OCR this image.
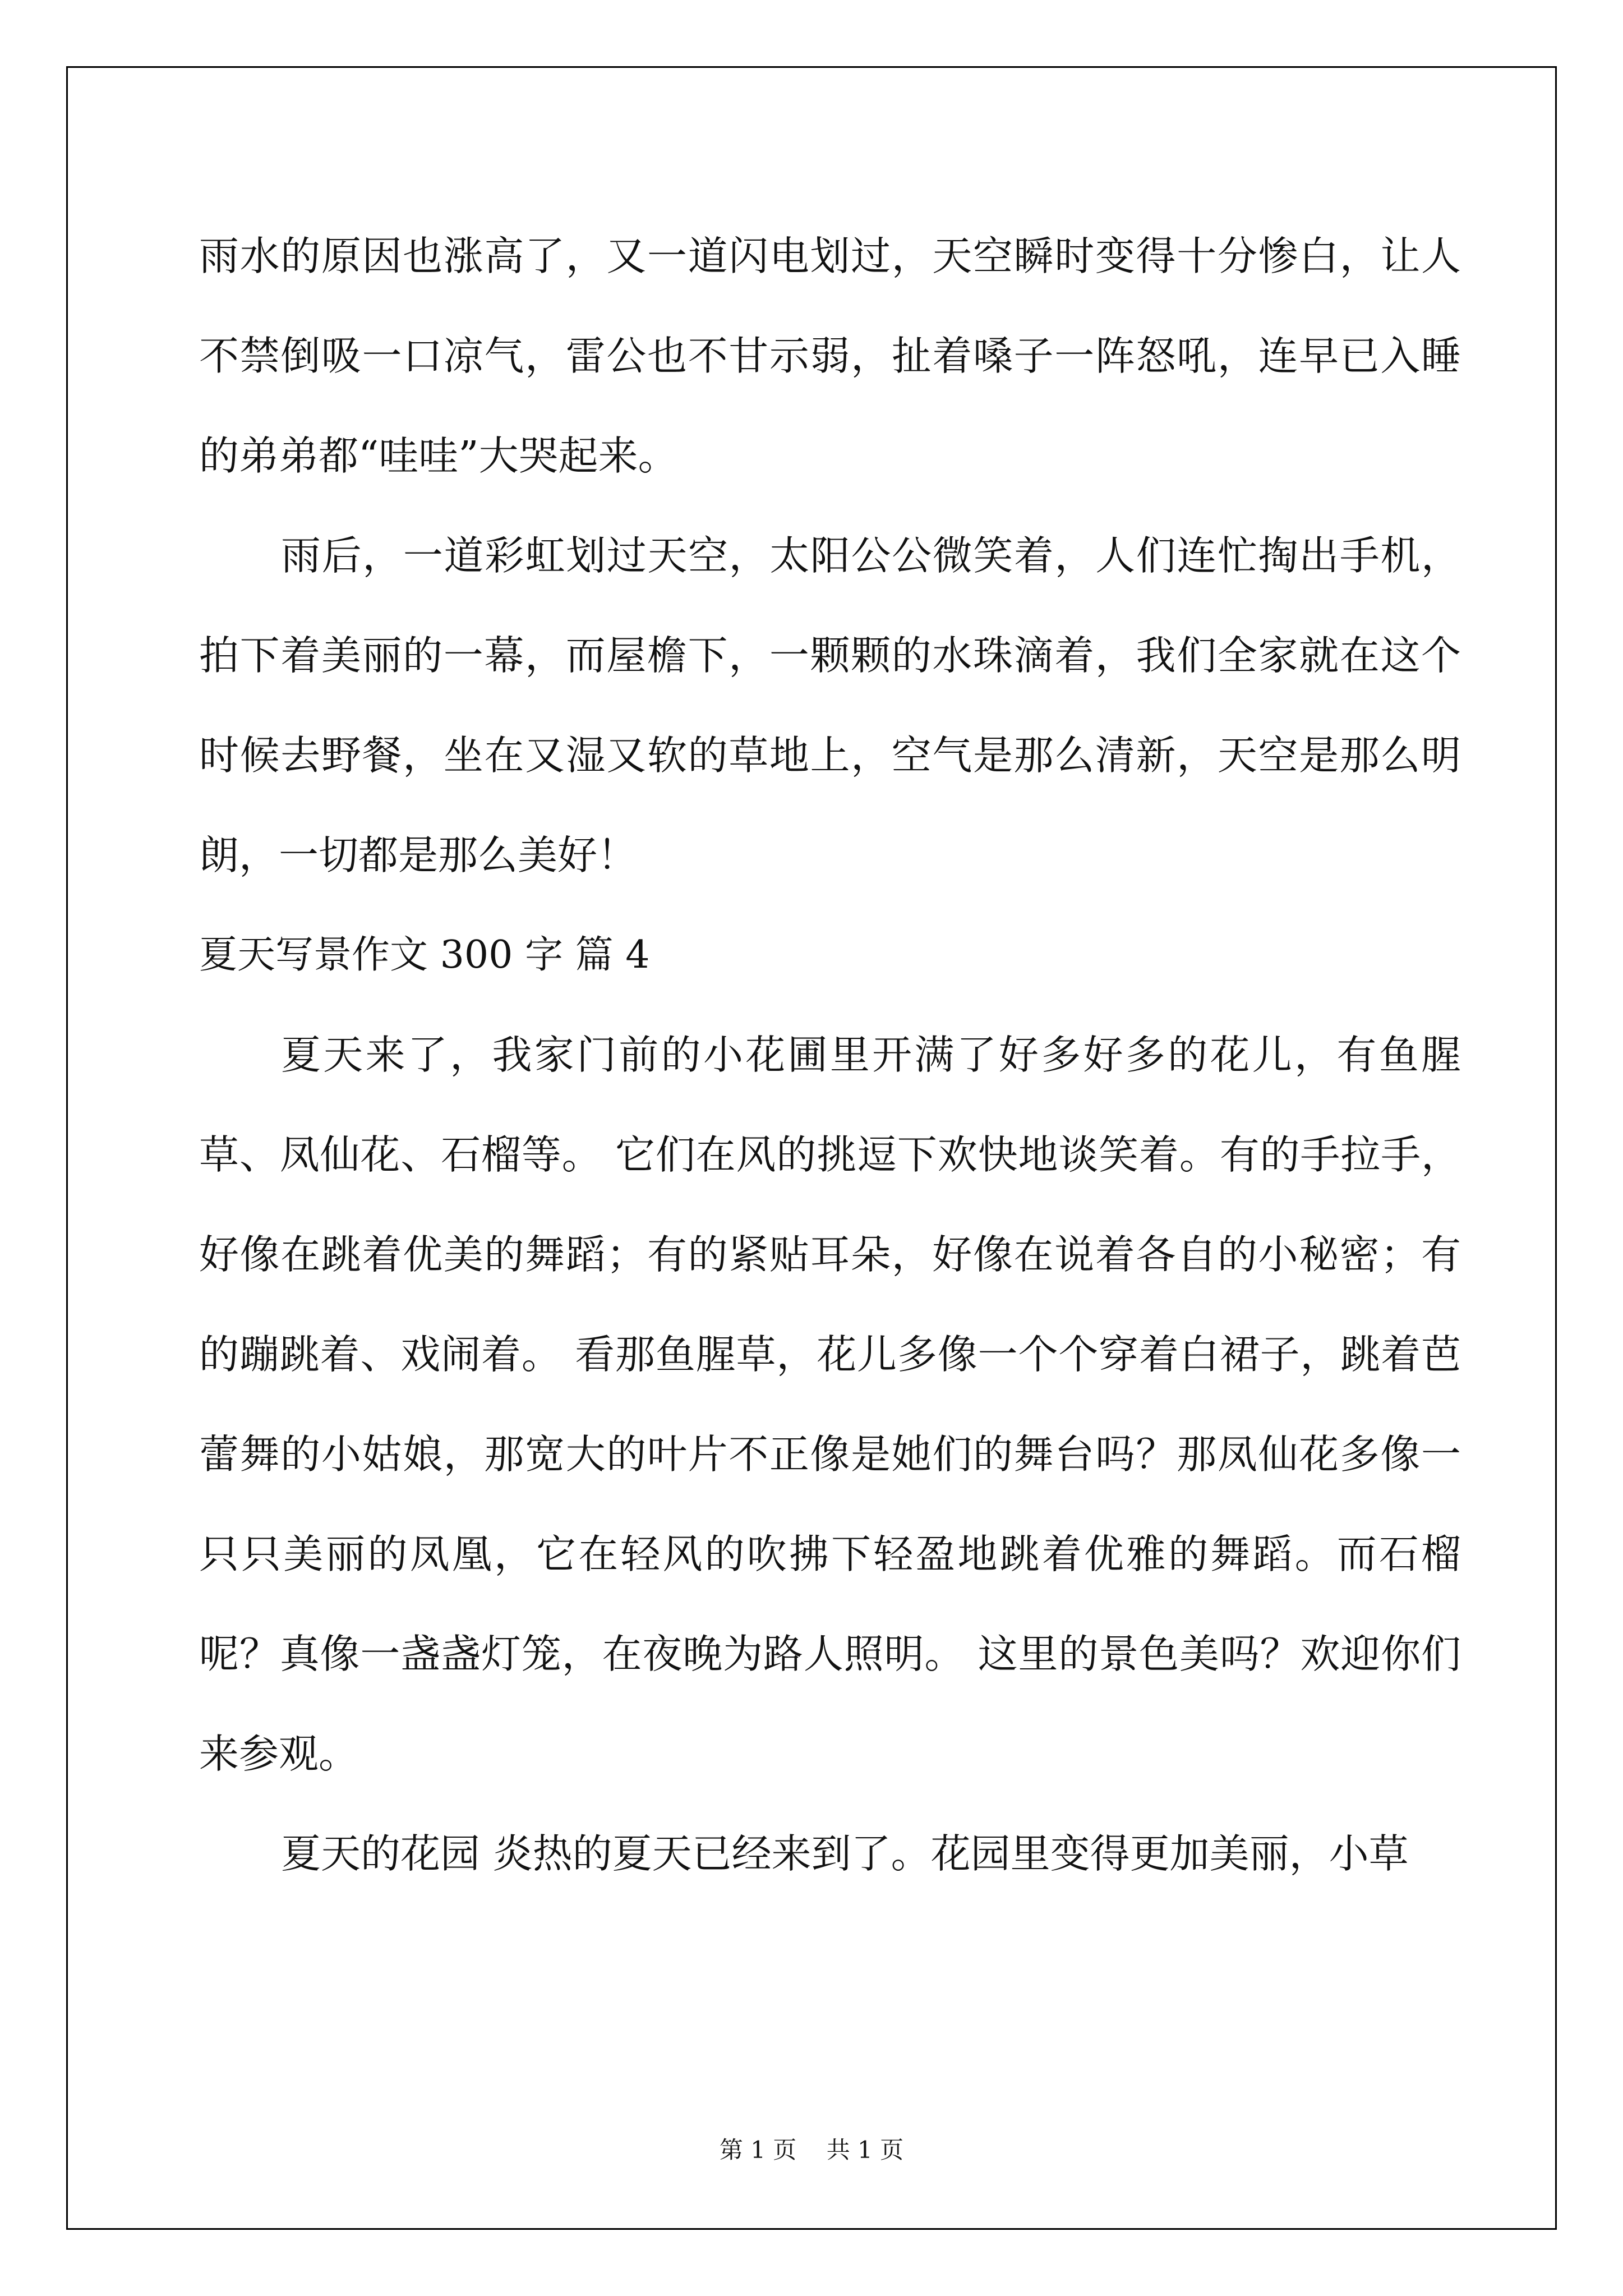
雨水的原因也涨高了，又一道闪电划过，天空瞬时变得十分惨白，让人不禁倒吸一口凉气，雷公也不甘示弱，扯着嗓子一阵怒吼，连早已入睡的弟弟都“哇哇”大哭起来。

雨后，一道彩虹划过天空，太阳公公微笑着，人们连忙掏出手机，拍下着美丽的一幕，而屋檐下，一颗颗的水珠滴着，我们全家就在这个时候去野餐，坐在又湿又软的草地上，空气是那么清新，天空是那么明朗，一切都是那么美好！

夏天写景作文 300 字 篇 4

夏天来了，我家门前的小花圃里开满了好多好多的花儿，有鱼腥草、凤仙花、石榴等。 它们在风的挑逗下欢快地谈笑着。有的手拉手，好像在跳着优美的舞蹈；有的紧贴耳朵，好像在说着各自的小秘密；有的蹦跳着、戏闹着。 看那鱼腥草，花儿多像一个个穿着白裙子，跳着芭蕾舞的小姑娘，那宽大的叶片不正像是她们的舞台吗？那凤仙花多像一只只美丽的凤凰，它在轻风的吹拂下轻盈地跳着优雅的舞蹈。而石榴呢？真像一盏盏灯笼，在夜晚为路人照明。 这里的景色美吗？欢迎你们来参观。

夏天的花园 炎热的夏天已经来到了。花园里变得更加美丽，小草

第 1 页    共 1 页
